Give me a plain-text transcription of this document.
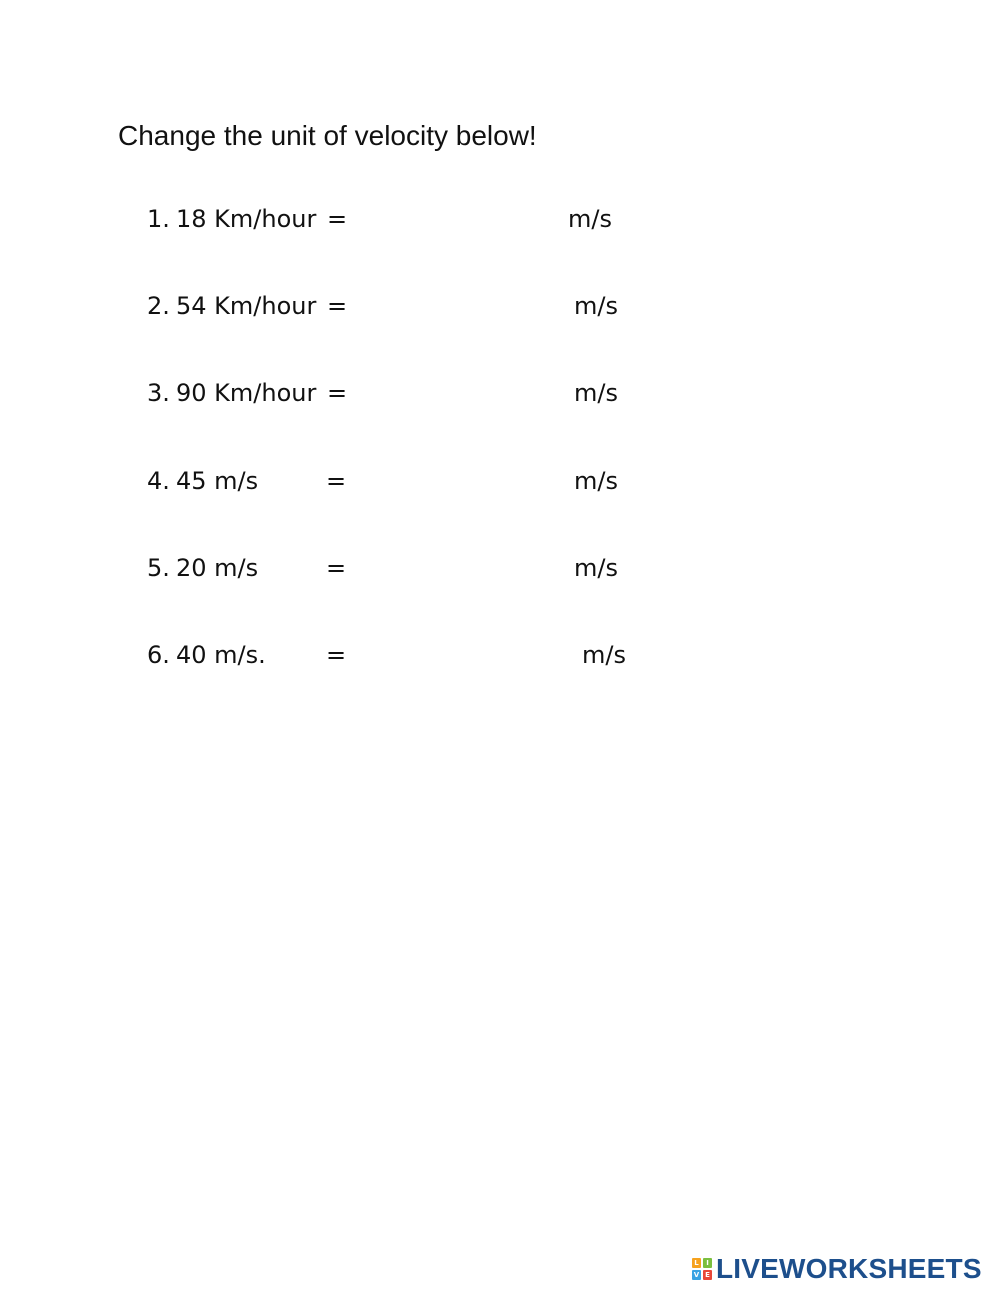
Change the unit of velocity below!
1. 18 Km/hour =	m/s
2. 54 Km/hour =	m/s
3. 90 Km/hour =	m/s
4. 45 m/s	=	m/s
5. 20 m/s	=	m/s
6. 40 m/s.	=	m/s
L	I
V E LIVEWORKSHEETS
